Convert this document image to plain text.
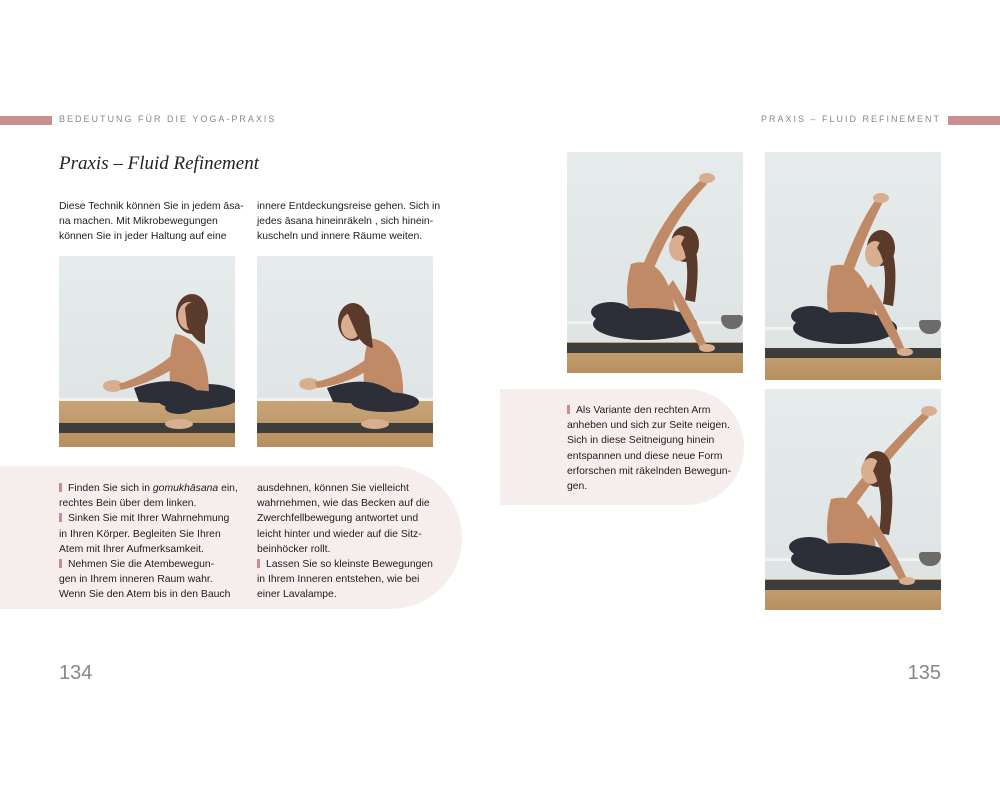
BEDEUTUNG FÜR DIE YOGA-PRAXIS	PRAXIS – FLUID REFINEMENT
Praxis – Fluid Refinement
Diese Technik können Sie in jedem āsa-
na machen. Mit Mikrobewegungen
können Sie in jeder Haltung auf eine
innere Entdeckungsreise gehen. Sich in
jedes āsana hineinräkeln , sich hinein-
kuscheln und innere Räume weiten.
Finden Sie sich in gomukhāsana ein,
rechtes Bein über dem linken.
Sinken Sie mit Ihrer Wahrnehmung
in Ihren Körper. Begleiten Sie Ihren
Atem mit Ihrer Aufmerksamkeit.
Nehmen Sie die Atembewegun-
gen in Ihrem inneren Raum wahr.
Wenn Sie den Atem bis in den Bauch
ausdehnen, können Sie vielleicht
wahrnehmen, wie das Becken auf die
Zwerchfellbewegung antwortet und
leicht hinter und wieder auf die Sitz-
beinhöcker rollt.
Lassen Sie so kleinste Bewegungen
in Ihrem Inneren entstehen, wie bei
einer Lavalampe.
Als Variante den rechten Arm
anheben und sich zur Seite neigen.
Sich in diese Seitneigung hinein
entspannen und diese neue Form
erforschen mit räkelnden Bewegun-
gen.
134	135
